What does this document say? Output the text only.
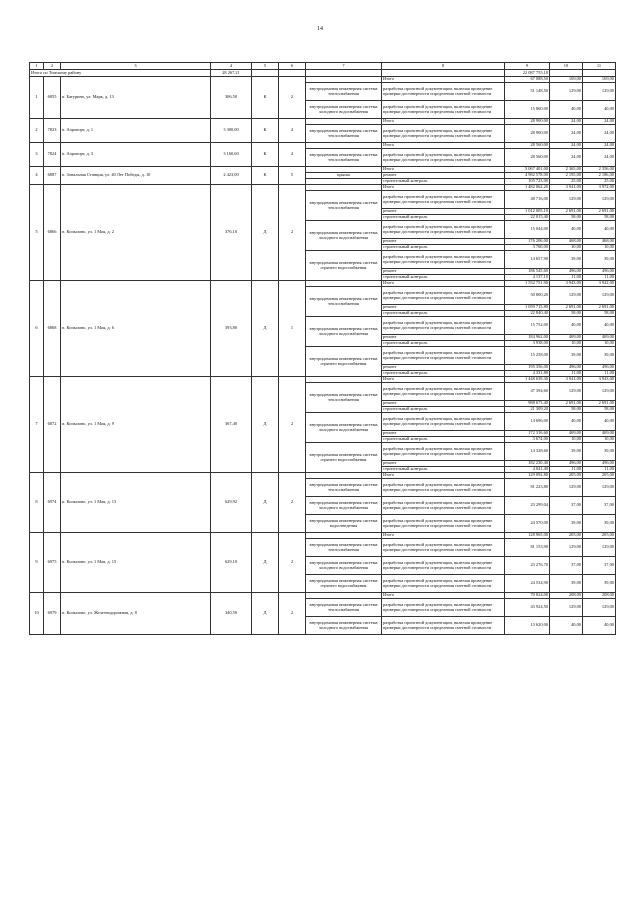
14
1	2	3	4	5	6	7	8	9	10	11
Итого по Томскому району			28 267,21					22 087 755,18		
1	6855	п. Батурино, ул. Марк, д. 13	306,50	К	2		Итого	67 088,50	169,00	169,00
						внутридомовая инженерная система теплоснабжения	разработка проектной документации, включая проведение проверки достоверности определения сметной стоимости	51 148,50	129,00	129,00
						внутридомовая инженерная система холодного водоснабжения	разработка проектной документации, включая проведение проверки достоверности определения сметной стоимости	15 860,00	40,00	40,00
2	7823	п. Аэропорт, д. 1	3 300,00	К	4		Итого	28 900,00	24,00	24,00
						внутридомовая инженерная система теплоснабжения	разработка проектной документации, включая проведение проверки достоверности определения сметной стоимости	28 900,00	24,00	24,00
3	7824	п. Аэропорт, д. 3	3 160,60	К	4		Итого	28 560,00	24,00	24,00
						внутридомовая инженерная система теплоснабжения	разработка проектной документации, включая проведение проверки достоверности определения сметной стоимости	28 560,00	24,00	24,00
4	6887	п. Зональная Станция, ул. 40 Лет Победы, д. 10	2 423,00	К	5		Итого	5 067 401,00	2 365,00	2 356,00
						крыша	ремонт	4 982 578,00	2 195,00	2 186,00
							строительный контроль	105 723,00	25,00	25,00
5	6866	п. Копылово, ул. 1 Мая, д. 2	376,10	Д	2		Итого	1 482 062,20	3 941,00	3 972,00
						внутридомовая инженерная система теплоснабжения	разработка проектной документации, включая проведение проверки достоверности определения сметной стоимости	48 716,00	129,00	129,00
							ремонт	1 012 005,10	2 691,00	2 691,00
							строительный контроль	22 015,40	58,00	58,00
						внутридомовая инженерная система холодного водоснабжения	разработка проектной документации, включая проведение проверки достоверности определения сметной стоимости	15 044,00	40,00	40,00
							ремонт	176 206,00	468,00	468,00
							строительный контроль	3 760,00	10,00	10,00
						внутридомовая инженерная система горячего водоснабжения	разработка проектной документации, включая проведение проверки достоверности определения сметной стоимости	14 657,90	39,00	39,00
							ремонт	186 545,60	496,00	496,00
							строительный контроль	4 137,10	11,00	11,00
6	6868	п. Копылово, ул. 1 Мая, д. 6	393,80	Д	1		Итого	1 552 751,90	3 943,00	3 942,00
						внутридомовая инженерная система теплоснабжения	разработка проектной документации, включая проведение проверки достоверности определения сметной стоимости	50 800,20	129,00	129,00
							ремонт	1 059 715,80	2 691,00	2 691,00
							строительный контроль	22 840,40	58,00	58,00
						внутридомовая инженерная система холодного водоснабжения	разработка проектной документации, включая проведение проверки достоверности определения сметной стоимости	15 752,00	40,00	40,00
							ремонт	184 962,00	469,00	469,00
							строительный контроль	3 938,00	10,00	10,00
						внутридомовая инженерная система горячего водоснабжения	разработка проектной документации, включая проведение проверки достоверности определения сметной стоимости	15 258,00	39,00	39,00
							ремонт	195 356,00	496,00	496,00
							строительный контроль	4 331,80	11,00	11,00
7	6872	п. Копылово, ул. 1 Мая, д. 9	367,40	Д	2		Итого	1 448 639,30	3 941,00	3 943,00
						внутридомовая инженерная система теплоснабжения	разработка проектной документации, включая проведение проверки достоверности определения сметной стоимости	47 394,60	129,00	129,00
							ремонт	988 673,40	2 691,00	2 691,00
							строительный контроль	21 309,20	58,00	58,00
						внутридомовая инженерная система холодного водоснабжения	разработка проектной документации, включая проведение проверки достоверности определения сметной стоимости	14 696,00	40,00	40,00
							ремонт	172 316,60	469,00	469,00
							строительный контроль	3 674,00	10,00	10,00
						внутридомовая инженерная система горячего водоснабжения	разработка проектной документации, включая проведение проверки достоверности определения сметной стоимости	14 328,60	39,00	39,00
							ремонт	182 230,40	496,00	496,00
							строительный контроль	4 041,40	11,00	11,00
8	6974	п. Копылово, ул. 1 Мая, д. 13	629,92	Д	2		Итого	129 092,80	205,00	205,00
						внутридомовая инженерная система теплоснабжения	разработка проектной документации, включая проведение проверки достоверности определения сметной стоимости	81 223,80	129,00	129,00
						внутридомовая инженерная система холодного водоснабжения	разработка проектной документации, включая проведение проверки достоверности определения сметной стоимости	23 299,04	37,00	37,00
						внутридомовая инженерная система водоотведения	разработка проектной документации, включая проведение проверки достоверности определения сметной стоимости	24 570,00	39,00	39,00
9	6975	п. Копылово, ул. 1 Мая, д. 15	629,10	Д	2		Итого	128 965,00	205,00	205,00
						внутридомовая инженерная система теплоснабжения	разработка проектной документации, включая проведение проверки достоверности определения сметной стоимости	81 153,90	129,00	129,00
						внутридомовая инженерная система холодного водоснабжения	разработка проектной документации, включая проведение проверки достоверности определения сметной стоимости	23 276,70	37,00	37,00
						внутридомовая инженерная система горячего водоснабжения	разработка проектной документации, включая проведение проверки достоверности определения сметной стоимости	24 534,90	39,00	39,00
10	6979	п. Копылово, ул. Железнодорожная, д. 8	340,50	Д	2		Итого	70 824,00	208,00	208,00
						внутридомовая инженерная система теплоснабжения	разработка проектной документации, включая проведение проверки достоверности определения сметной стоимости	43 924,50	129,00	129,00
						внутридомовая инженерная система холодного водоснабжения	разработка проектной документации, включая проведение проверки достоверности определения сметной стоимости	13 620,00	40,00	40,00
